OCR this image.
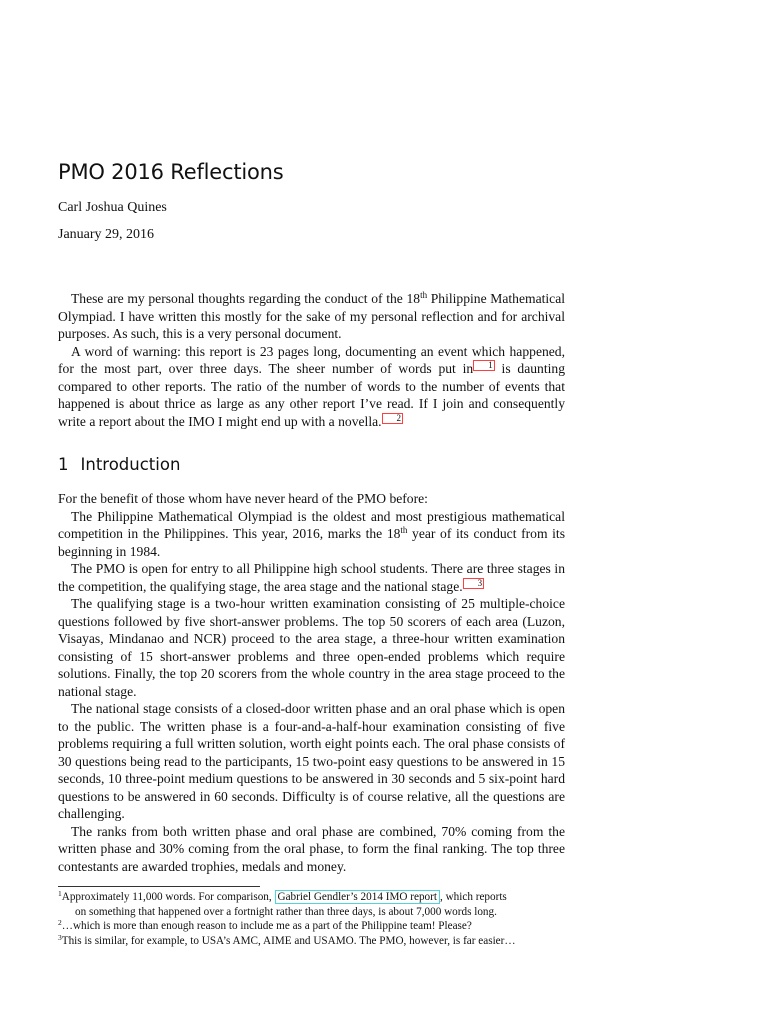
PMO 2016 Reflections

Carl Joshua Quines

January 29, 2016

These are my personal thoughts regarding the conduct of the 18th Philippine Mathematical Olympiad. I have written this mostly for the sake of my personal reflection and for archival purposes. As such, this is a very personal document.

A word of warning: this report is 23 pages long, documenting an event which happened, for the most part, over three days. The sheer number of words put in 1 is daunting compared to other reports. The ratio of the number of words to the number of events that happened is about thrice as large as any other report I’ve read. If I join and consequently write a report about the IMO I might end up with a novella. 2

1 Introduction

For the benefit of those whom have never heard of the PMO before:

The Philippine Mathematical Olympiad is the oldest and most prestigious mathematical competition in the Philippines. This year, 2016, marks the 18th year of its conduct from its beginning in 1984.

The PMO is open for entry to all Philippine high school students. There are three stages in the competition, the qualifying stage, the area stage and the national stage. 3

The qualifying stage is a two-hour written examination consisting of 25 multiple-choice questions followed by five short-answer problems. The top 50 scorers of each area (Luzon, Visayas, Mindanao and NCR) proceed to the area stage, a three-hour written examination consisting of 15 short-answer problems and three open-ended problems which require solutions. Finally, the top 20 scorers from the whole country in the area stage proceed to the national stage.

The national stage consists of a closed-door written phase and an oral phase which is open to the public. The written phase is a four-and-a-half-hour examination consisting of five problems requiring a full written solution, worth eight points each. The oral phase consists of 30 questions being read to the participants, 15 two-point easy questions to be answered in 15 seconds, 10 three-point medium questions to be answered in 30 seconds and 5 six-point hard questions to be answered in 60 seconds. Difficulty is of course relative, all the questions are challenging.

The ranks from both written phase and oral phase are combined, 70% coming from the written phase and 30% coming from the oral phase, to form the final ranking. The top three contestants are awarded trophies, medals and money.

$^1$Approximately 11,000 words. For comparison, Gabriel Gendler’s 2014 IMO report , which reports

on something that happened over a fortnight rather than three days, is about 7,000 words long.

$^2$…which is more than enough reason to include me as a part of the Philippine team! Please?

$^3$This is similar, for example, to USA’s AMC, AIME and USAMO. The PMO, however, is far easier…
